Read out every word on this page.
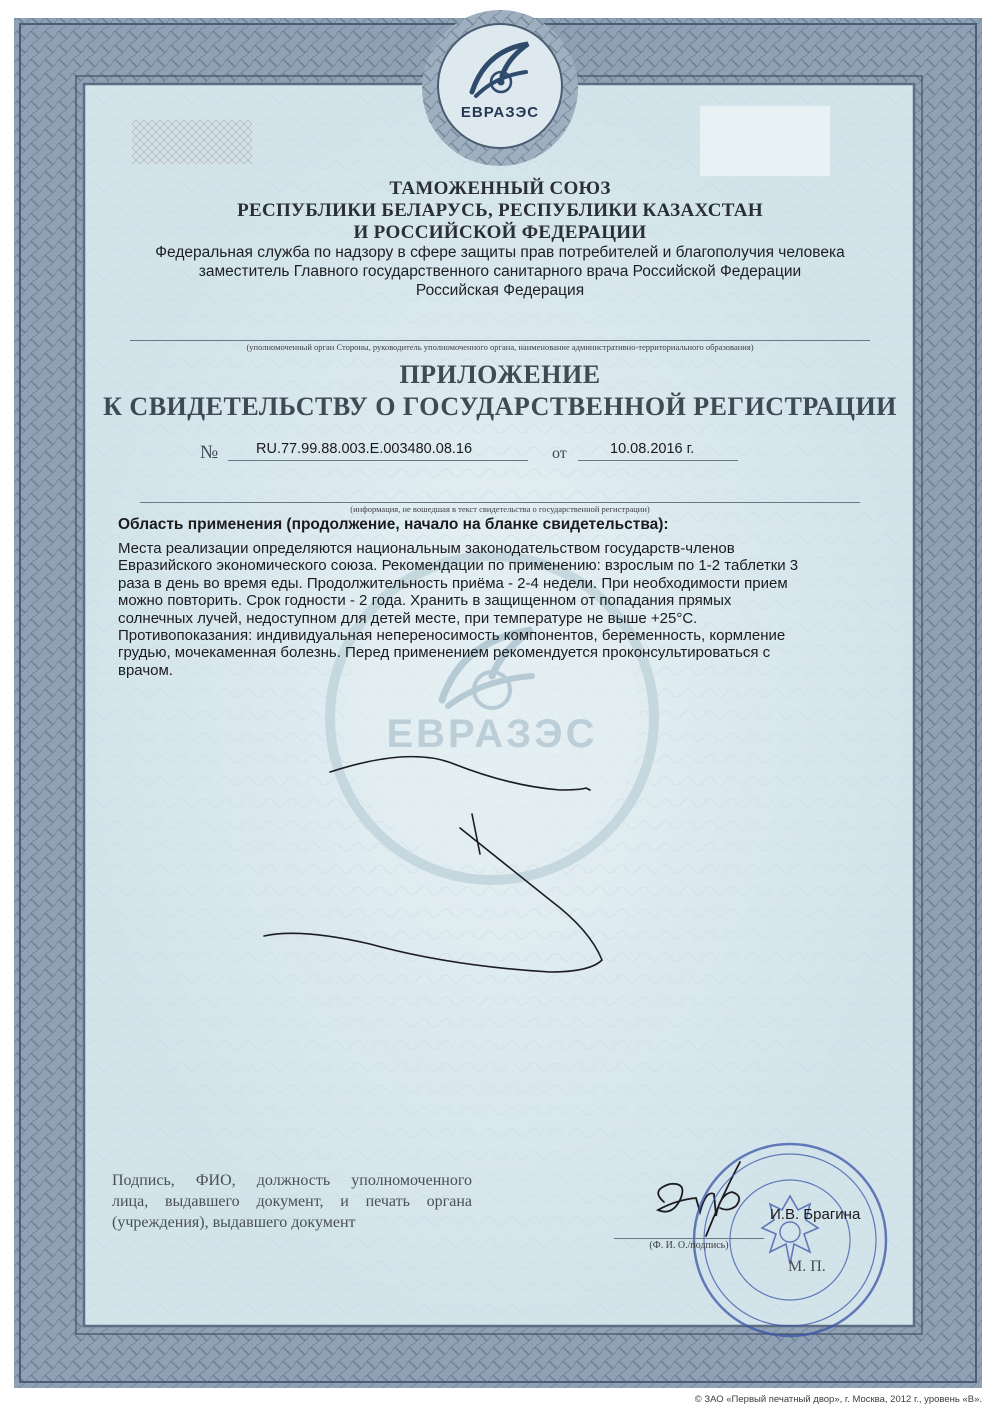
ЕВРАЗЭС
ЕВРАЗЭС
ТАМОЖЕННЫЙ СОЮЗ
РЕСПУБЛИКИ БЕЛАРУСЬ, РЕСПУБЛИКИ КАЗАХСТАН
И РОССИЙСКОЙ ФЕДЕРАЦИИ
Федеральная служба по надзору в сфере защиты прав потребителей и благополучия человека
заместитель Главного государственного санитарного врача Российской Федерации
Российская Федерация
(уполномоченный орган Стороны, руководитель уполномоченного органа, наименование административно-территориального образования)
ПРИЛОЖЕНИЕ
К СВИДЕТЕЛЬСТВУ О ГОСУДАРСТВЕННОЙ РЕГИСТРАЦИИ
№	RU.77.99.88.003.E.003480.08.16	от	10.08.2016 г.
(информация, не вошедшая в текст свидетельства о государственной регистрации)
Область применения (продолжение, начало на бланке свидетельства):
Места реализации определяются национальным законодательством государств-членов
Евразийского экономического союза. Рекомендации по применению: взрослым по 1-2 таблетки 3
раза в день во время еды. Продолжительность приёма - 2-4 недели. При необходимости прием
можно повторить. Срок годности - 2 года. Хранить в защищенном от попадания прямых
солнечных лучей, недоступном для детей месте, при температуре не выше +25°C.
Противопоказания: индивидуальная непереносимость компонентов, беременность, кормление
грудью, мочекаменная болезнь. Перед применением рекомендуется проконсультироваться с
врачом.
Подпись, ФИО, должность уполномоченного
лица, выдавшего документ, и печать органа
(учреждения), выдавшего документ	И.В. Брагина
(Ф. И. О./подпись)
М. П.
© ЗАО «Первый печатный двор», г. Москва, 2012 г., уровень «В».
